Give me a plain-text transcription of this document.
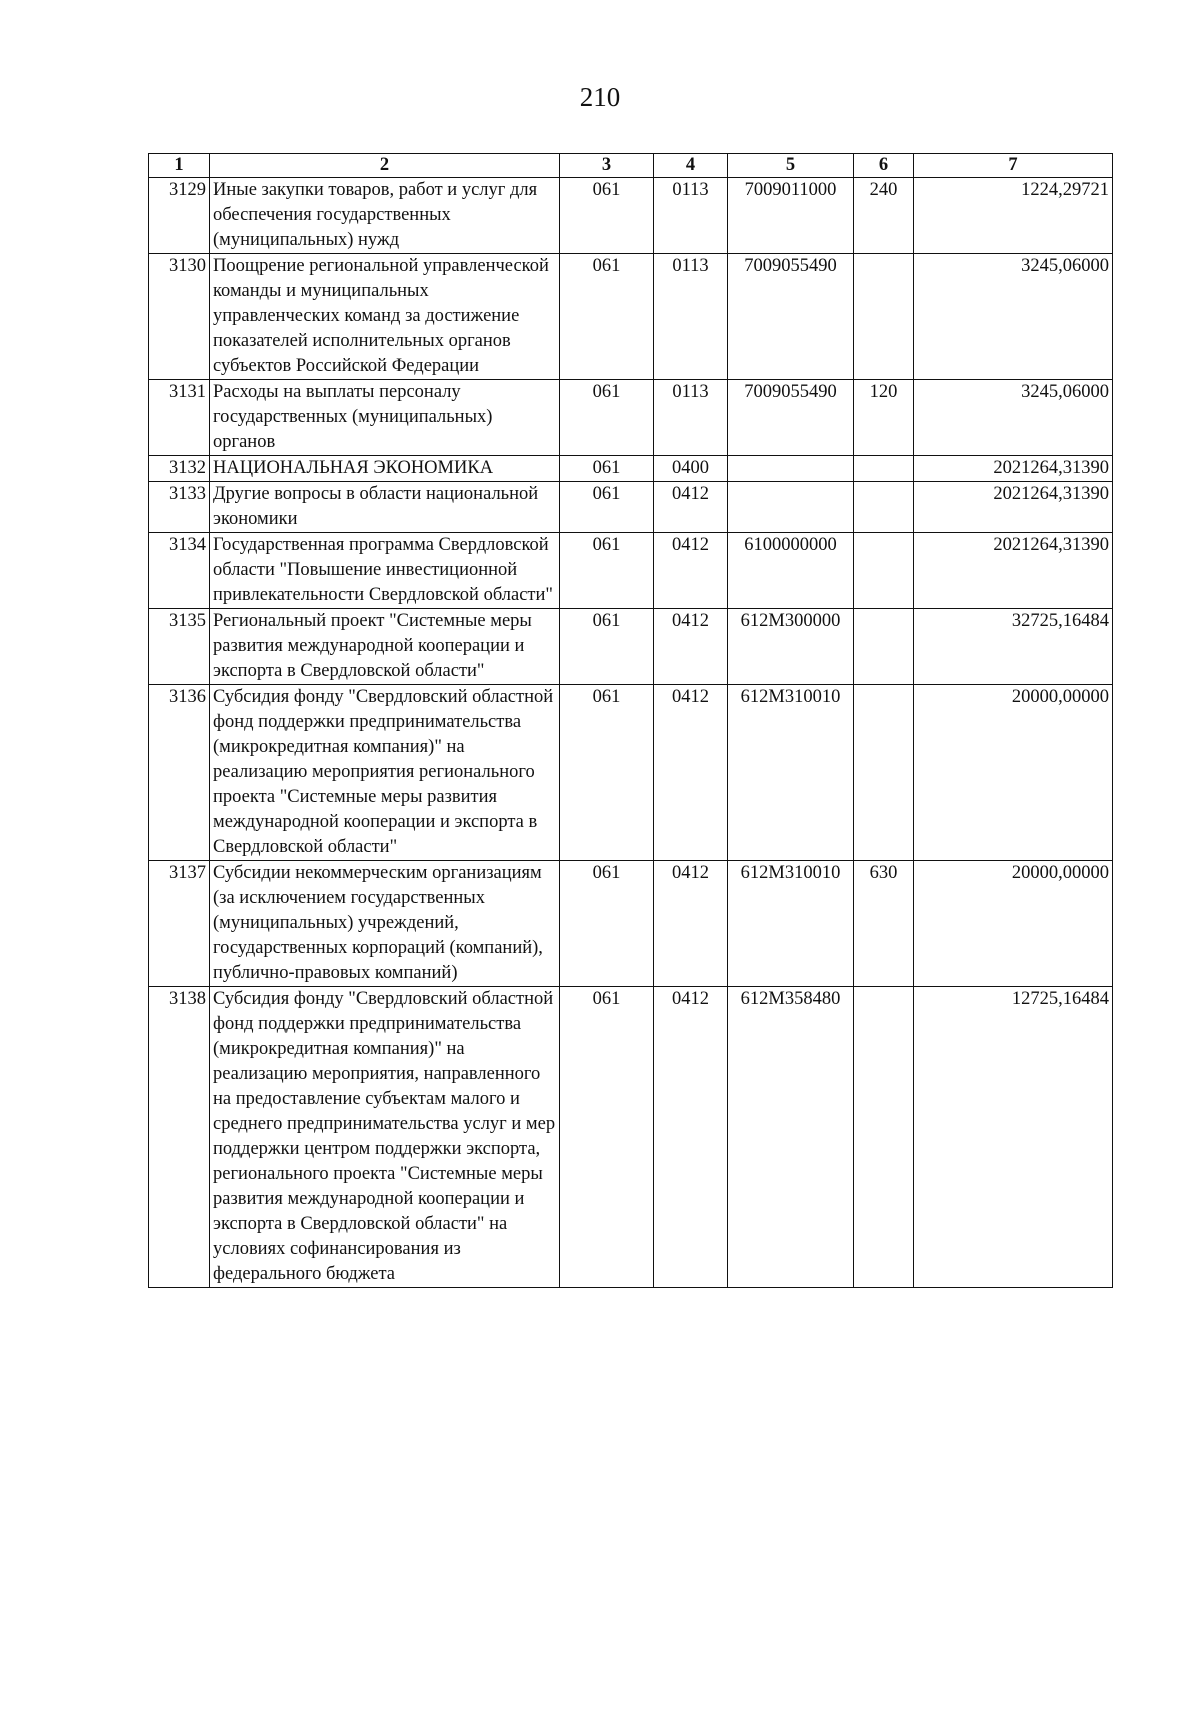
210
1	2	3	4	5	6	7
3129	Иные закупки товаров, работ и услуг для обеспечения государственных (муниципальных) нужд	061	0113	7009011000	240	1224,29721
3130	Поощрение региональной управленческой команды и муниципальных управленческих команд за достижение показателей исполнительных органов субъектов Российской Федерации	061	0113	7009055490		3245,06000
3131	Расходы на выплаты персоналу государственных (муниципальных) органов	061	0113	7009055490	120	3245,06000
3132	НАЦИОНАЛЬНАЯ ЭКОНОМИКА	061	0400			2021264,31390
3133	Другие вопросы в области национальной экономики	061	0412			2021264,31390
3134	Государственная программа Свердловской области "Повышение инвестиционной привлекательности Свердловской области"	061	0412	6100000000		2021264,31390
3135	Региональный проект "Системные меры развития международной кооперации и экспорта в Свердловской области"	061	0412	612M300000		32725,16484
3136	Субсидия фонду "Свердловский областной фонд поддержки предпринимательства (микрокредитная компания)" на реализацию мероприятия регионального проекта "Системные меры развития международной кооперации и экспорта в Свердловской области"	061	0412	612M310010		20000,00000
3137	Субсидии некоммерческим организациям (за исключением государственных (муниципальных) учреждений, государственных корпораций (компаний), публично-правовых компаний)	061	0412	612M310010	630	20000,00000
3138	Субсидия фонду "Свердловский областной фонд поддержки предпринимательства (микрокредитная компания)" на реализацию мероприятия, направленного на предоставление субъектам малого и среднего предпринимательства услуг и мер поддержки центром поддержки экспорта, регионального проекта "Системные меры развития международной кооперации и экспорта в Свердловской области" на условиях софинансирования из федерального бюджета	061	0412	612M358480		12725,16484
